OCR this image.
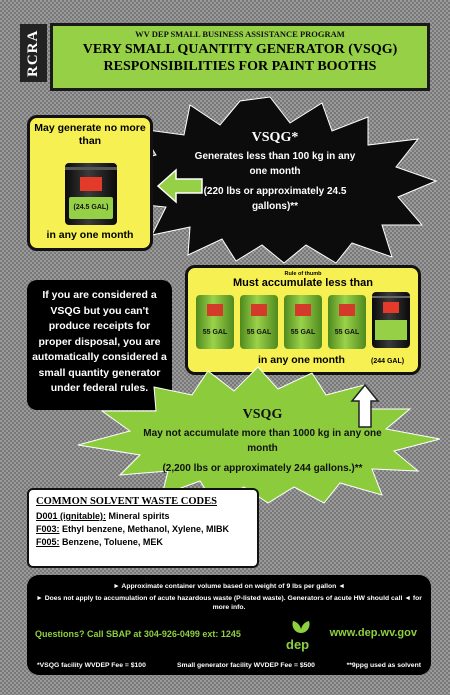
RCRA	WV DEP SMALL BUSINESS ASSISTANCE PROGRAM
VERY SMALL QUANTITY GENERATOR (VSQG)
RESPONSIBILITIES FOR PAINT BOOTHS
VSQG*
Generates less than 100 kg in any one month
(220 lbs or approximately 24.5 gallons)**
May generate no more than
(24.5 GAL)
in any one month
Rule of thumb
Must accumulate less than
55 GAL	55 GAL	55 GAL	55 GAL
in any one month	(244 GAL)
If you are considered a VSQG but you can't produce receipts for proper disposal, you are automatically considered a small quantity generator under federal rules.
VSQG
May not accumulate more than 1000 kg in any one month
(2,200 lbs or approximately 244 gallons.)**
COMMON SOLVENT WASTE CODES
D001 (ignitable): Mineral spirits
F003: Ethyl benzene, Methanol, Xylene, MIBK
F005: Benzene, Toluene, MEK
► Approximate container volume based on weight of 9 lbs per gallon ◄
► Does not apply to accumulation of acute hazardous waste (P-listed waste). Generators of acute HW should call ◄ for more info.
Questions? Call SBAP at 304-926-0499 ext: 1245
dep
www.dep.wv.gov
*VSQG facility WVDEP Fee = $100	Small generator facility WVDEP Fee = $500	**9ppg used as solvent
